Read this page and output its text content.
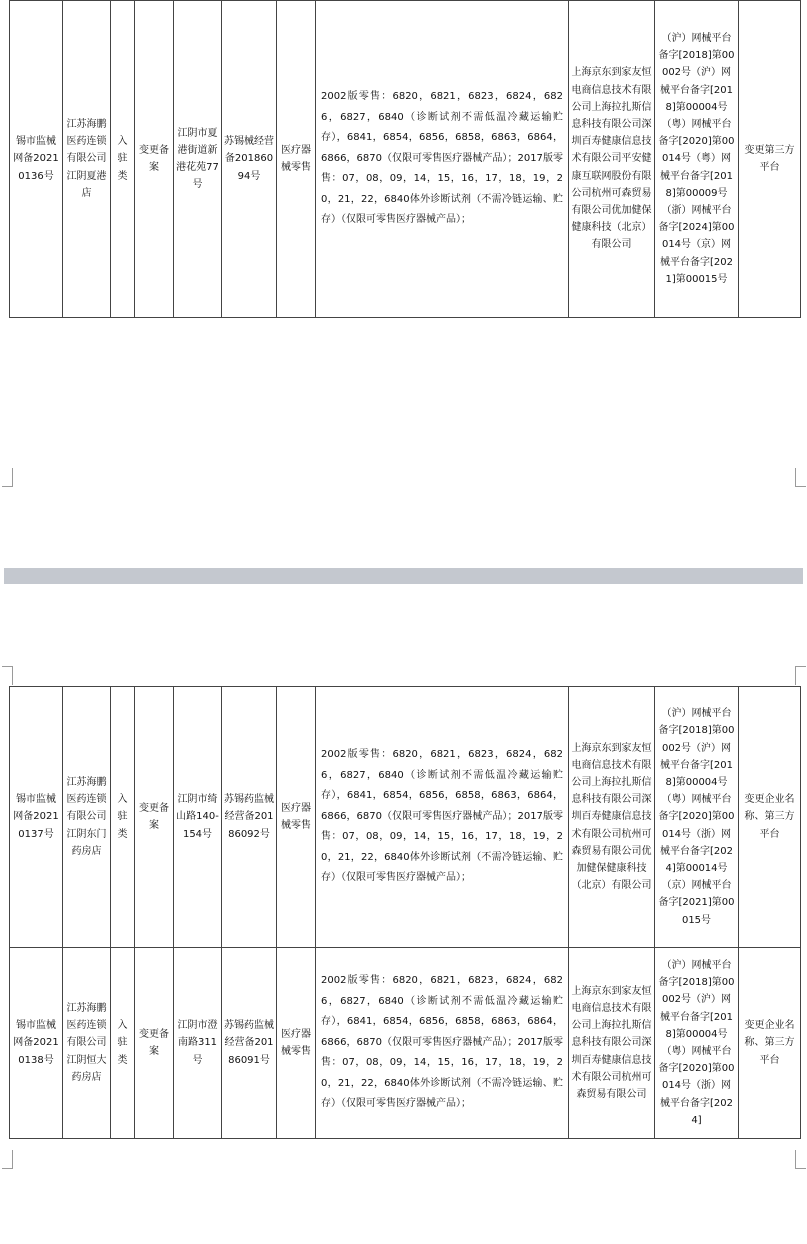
锡市监械网备20210136号	江苏海鹏医药连锁有限公司江阴夏港店	入驻类	变更备案	江阴市夏港街道新港花苑77号	苏锡械经营备20186094号	医疗器械零售	2002版零售：6820，6821，6823，6824，6826，6827，6840（诊断试剂不需低温冷藏运输贮存），6841，6854，6856，6858，6863，6864，6866，6870（仅限可零售医疗器械产品）；2017版零售：07，08，09，14，15，16，17，18，19，20，21，22，6840体外诊断试剂（不需冷链运输、贮存）（仅限可零售医疗器械产品）；	上海京东到家友恒电商信息技术有限公司上海拉扎斯信息科技有限公司深圳百寿健康信息技术有限公司平安健康互联网股份有限公司杭州可森贸易有限公司优加健保健康科技（北京）有限公司	（沪）网械平台备字[2018]第00002号（沪）网械平台备字[2018]第00004号（粤）网械平台备字[2020]第00014号（粤）网械平台备字[2018]第00009号（浙）网械平台备字[2024]第00014号（京）网械平台备字[2021]第00015号	变更第三方平台
锡市监械网备20210137号	江苏海鹏医药连锁有限公司江阴东门药房店	入驻类	变更备案	江阴市绮山路140-154号	苏锡药监械经营备20186092号	医疗器械零售	2002版零售：6820，6821，6823，6824，6826，6827，6840（诊断试剂不需低温冷藏运输贮存），6841，6854，6856，6858，6863，6864，6866，6870（仅限可零售医疗器械产品）；2017版零售：07，08，09，14，15，16，17，18，19，20，21，22，6840体外诊断试剂（不需冷链运输、贮存）（仅限可零售医疗器械产品）；	上海京东到家友恒电商信息技术有限公司上海拉扎斯信息科技有限公司深圳百寿健康信息技术有限公司杭州可森贸易有限公司优加健保健康科技（北京）有限公司	（沪）网械平台备字[2018]第00002号（沪）网械平台备字[2018]第00004号（粤）网械平台备字[2020]第00014号（浙）网械平台备字[2024]第00014号（京）网械平台备字[2021]第00015号	变更企业名称、第三方平台
锡市监械网备20210138号	江苏海鹏医药连锁有限公司江阴恒大药房店	入驻类	变更备案	江阴市澄南路311号	苏锡药监械经营备20186091号	医疗器械零售	2002版零售：6820，6821，6823，6824，6826，6827，6840（诊断试剂不需低温冷藏运输贮存），6841，6854，6856，6858，6863，6864，6866，6870（仅限可零售医疗器械产品）；2017版零售：07，08，09，14，15，16，17，18，19，20，21，22，6840体外诊断试剂（不需冷链运输、贮存）（仅限可零售医疗器械产品）；	上海京东到家友恒电商信息技术有限公司上海拉扎斯信息科技有限公司深圳百寿健康信息技术有限公司杭州可森贸易有限公司	（沪）网械平台备字[2018]第00002号（沪）网械平台备字[2018]第00004号（粤）网械平台备字[2020]第00014号（浙）网械平台备字[2024]	变更企业名称、第三方平台
